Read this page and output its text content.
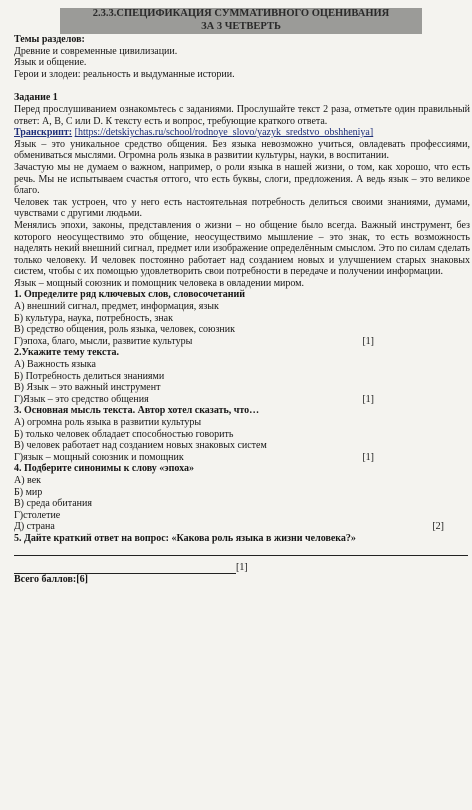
2.3.3.СПЕЦИФИКАЦИЯ СУММАТИВНОГО ОЦЕНИВАНИЯ
ЗА 3 ЧЕТВЕРТЬ
Темы разделов:
Древние и современные цивилизации.
Язык и общение.
Герои и злодеи: реальность и выдуманные истории.
Задание 1
Перед прослушиванием ознакомьтесь с заданиями. Прослушайте текст 2 раза, отметьте один правильный ответ: A, B, C или D. К тексту есть и вопрос, требующие краткого ответа.
Транскрипт: [https://detskiychas.ru/school/rodnoye_slovo/yazyk_sredstvo_obshheniya]
Язык – это уникальное средство общения. Без языка невозможно учиться, овладевать профессиями, обмениваться мыслями. Огромна роль языка в развитии культуры, науки, в воспитании.
Зачастую мы не думаем о важном, например, о роли языка в нашей жизни, о том, как хорошо, что есть речь. Мы не испытываем счастья оттого, что есть буквы, слоги, предложения. А ведь язык – это великое благо.
Человек так устроен, что у него есть настоятельная потребность делиться своими знаниями, думами, чувствами с другими людьми.
Менялись эпохи, законы, представления о жизни – но общение было всегда. Важный инструмент, без которого неосуществимо это общение, неосуществимо мышление – это знак, то есть возможность наделять некий внешний сигнал, предмет или изображение определённым смыслом. Это по силам сделать только человеку. И человек постоянно работает над созданием новых и улучшением старых знаковых систем, чтобы с их помощью удовлетворить свои потребности в передаче и получении информации.
Язык – мощный союзник и помощник человека в овладении миром.
1. Определите ряд ключевых слов, словосочетаний
А) внешний сигнал, предмет, информация, язык
Б) культура, наука, потребность, знак
В) средство общения, роль языка, человек, союзник
Г)эпоха, благо, мысли, развитие культуры	[1]
2.Укажите тему текста.
А) Важность языка
Б) Потребность делиться знаниями
В) Язык – это важный инструмент
Г)Язык – это средство общения	[1]
3. Основная мысль текста. Автор хотел сказать, что…
А) огромна роль языка в развитии культуры
Б) только человек обладает способностью говорить
В) человек работает над созданием новых знаковых систем
Г)язык – мощный союзник и помощник	[1]
4. Подберите синонимы к слову «эпоха»
А) век
Б) мир
В) среда обитания
Г)столетие
Д) страна	[2]
5. Дайте краткий ответ на вопрос: «Какова роль языка в жизни человека?»
[1]
Всего баллов:[6]
